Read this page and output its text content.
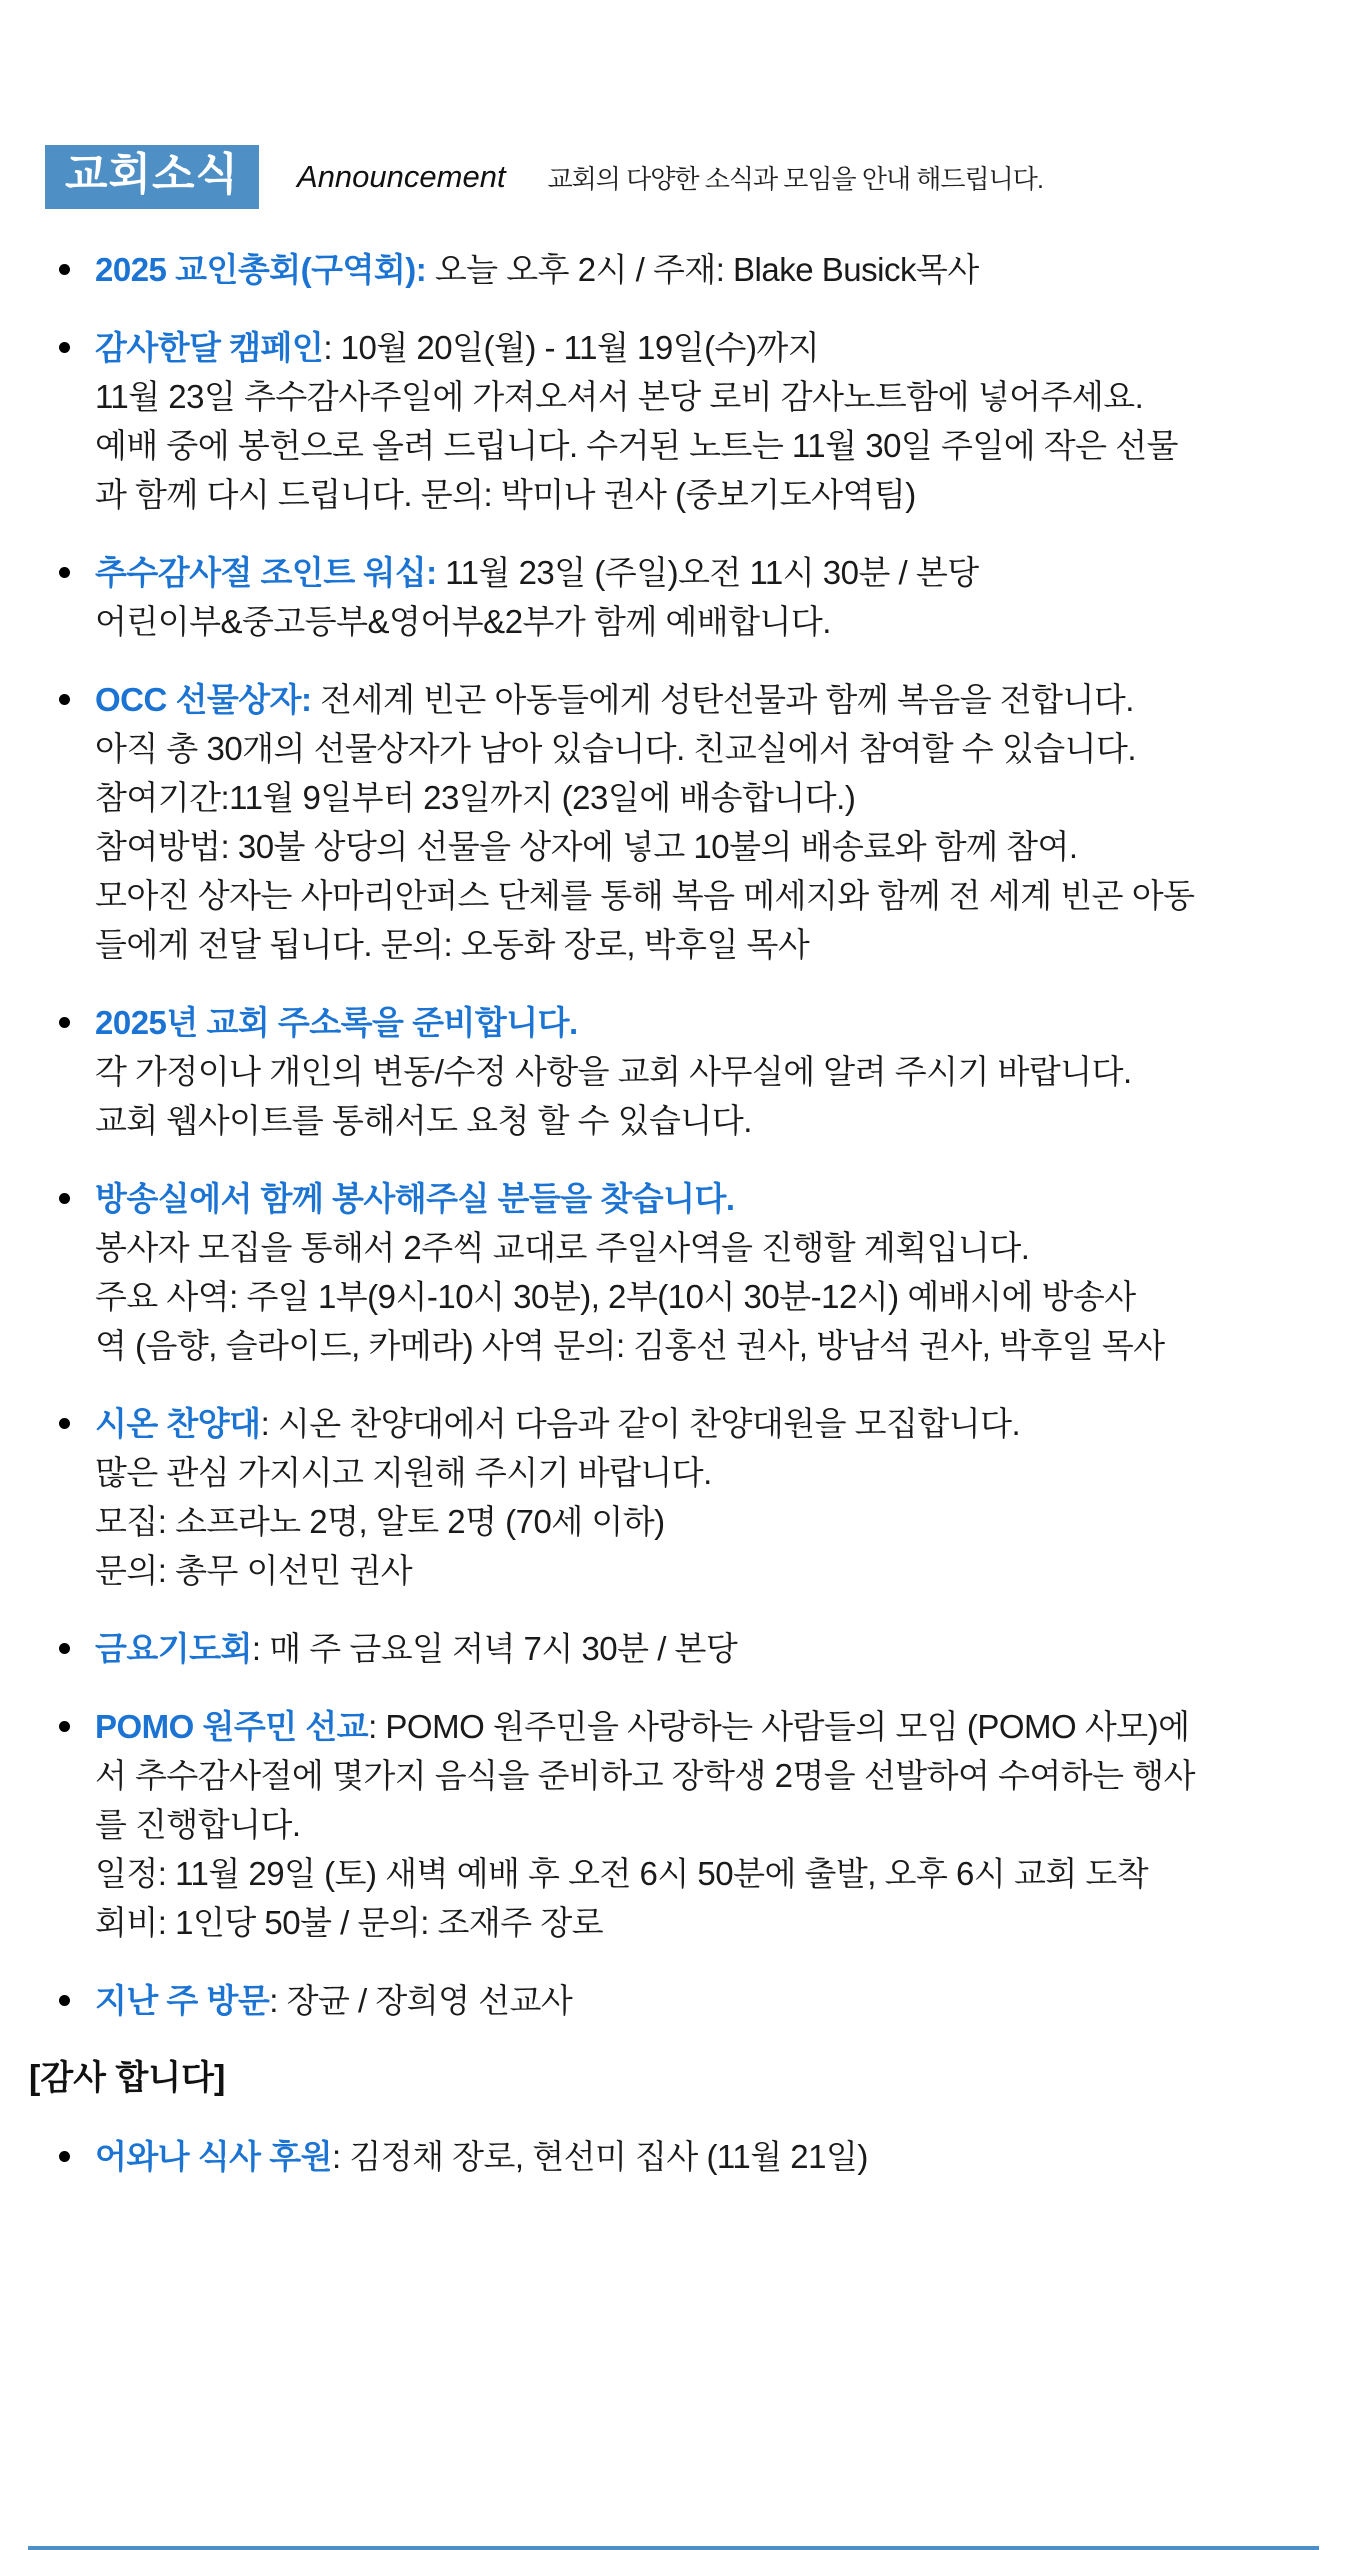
교회소식	Announcement 교회의 다양한 소식과 모임을 안내 해드립니다.

2025 교인총회(구역회): 오늘 오후 2시 / 주재: Blake Busick목사

감사한달 캠페인: 10월 20일(월) - 11월 19일(수)까지

11월 23일 추수감사주일에 가져오셔서 본당 로비 감사노트함에 넣어주세요.

예배 중에 봉헌으로 올려 드립니다. 수거된 노트는 11월 30일 주일에 작은 선물

과 함께 다시 드립니다. 문의: 박미나 권사 (중보기도사역팀)

추수감사절 조인트 워십: 11월 23일 (주일)오전 11시 30분 / 본당

어린이부&중고등부&영어부&2부가 함께 예배합니다.

OCC 선물상자: 전세계 빈곤 아동들에게 성탄선물과 함께 복음을 전합니다.

아직 총 30개의 선물상자가 남아 있습니다. 친교실에서 참여할 수 있습니다.

참여기간:11월 9일부터 23일까지 (23일에 배송합니다.)

참여방법: 30불 상당의 선물을 상자에 넣고 10불의 배송료와 함께 참여.

모아진 상자는 사마리안퍼스 단체를 통해 복음 메세지와 함께 전 세계 빈곤 아동

들에게 전달 됩니다. 문의: 오동화 장로, 박후일 목사

2025년 교회 주소록을 준비합니다.

각 가정이나 개인의 변동/수정 사항을 교회 사무실에 알려 주시기 바랍니다.

교회 웹사이트를 통해서도 요청 할 수 있습니다.

방송실에서 함께 봉사해주실 분들을 찾습니다.

봉사자 모집을 통해서 2주씩 교대로 주일사역을 진행할 계획입니다.

주요 사역: 주일 1부(9시-10시 30분), 2부(10시 30분-12시) 예배시에 방송사

역 (음향, 슬라이드, 카메라) 사역 문의: 김홍선 권사, 방남석 권사, 박후일 목사

시온 찬양대: 시온 찬양대에서 다음과 같이 찬양대원을 모집합니다.

많은 관심 가지시고 지원해 주시기 바랍니다.

모집: 소프라노 2명, 알토 2명 (70세 이하)

문의: 총무 이선민 권사

금요기도회: 매 주 금요일 저녁 7시 30분 / 본당

POMO 원주민 선교: POMO 원주민을 사랑하는 사람들의 모임 (POMO 사모)에

서 추수감사절에 몇가지 음식을 준비하고 장학생 2명을 선발하여 수여하는 행사

를 진행합니다.

일정: 11월 29일 (토) 새벽 예배 후 오전 6시 50분에 출발, 오후 6시 교회 도착

회비: 1인당 50불 / 문의: 조재주 장로

지난 주 방문: 장균 / 장희영 선교사

[감사 합니다]

어와나 식사 후원: 김정채 장로, 현선미 집사 (11월 21일)
